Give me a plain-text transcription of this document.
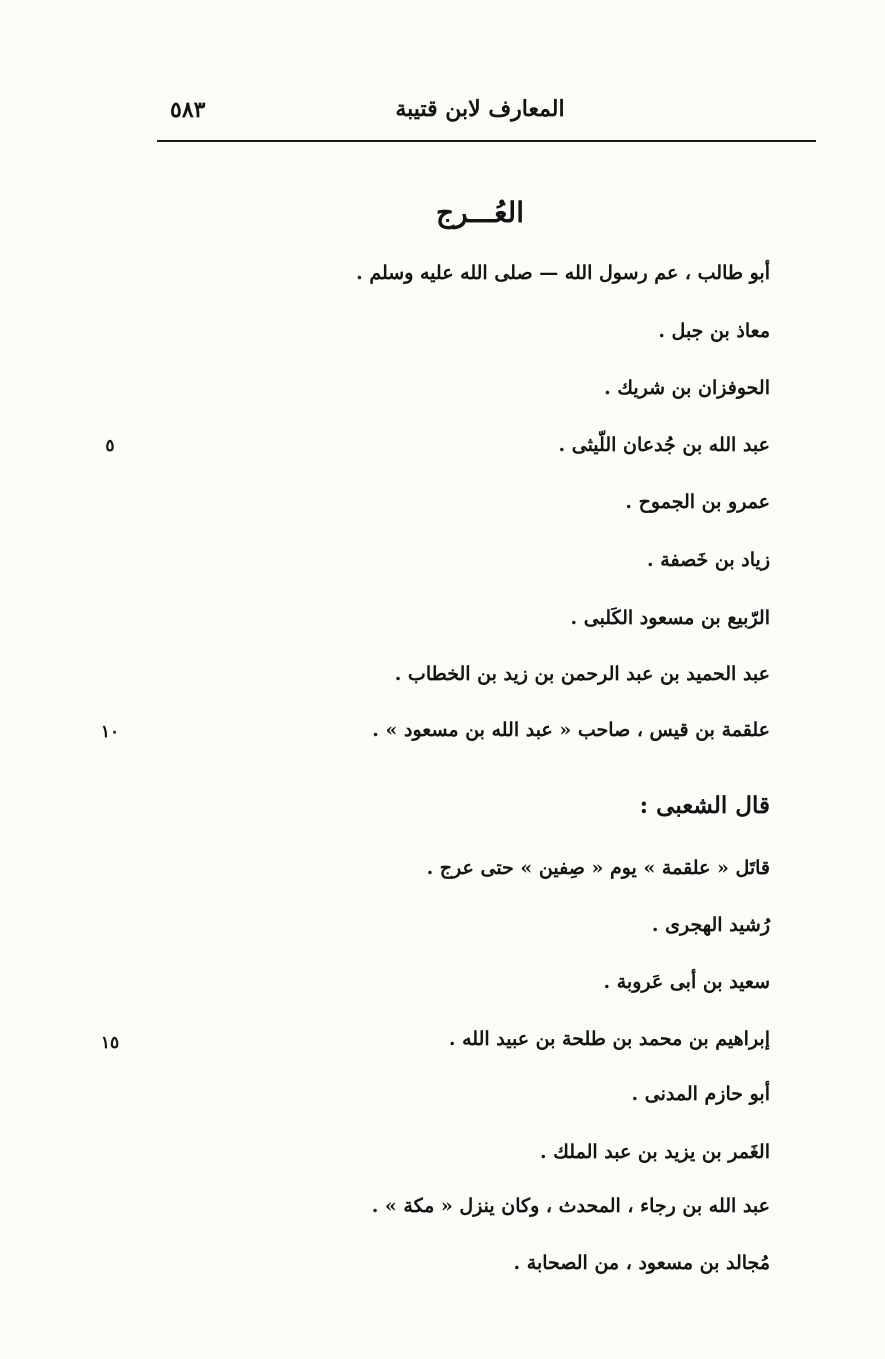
المعارف لابن قتيبة
٥٨٣
العُـــرج
أبو طالب ، عم رسول الله — صلى الله عليه وسلم .
معاذ بن جبل .
الحوفزان بن شريك .
عبد الله بن جُدعان اللّيثى .
عمرو بن الجموح .
زياد بن خَصفة .
الرّبيع بن مسعود الكَلبى .
عبد الحميد بن عبد الرحمن بن زيد بن الخطاب .
علقمة بن قيس ، صاحب « عبد الله بن مسعود » .
قال الشعبى :
قاتَل « علقمة » يوم « صِفين » حتى عرج .
رُشيد الهجرى .
سعيد بن أبى عَروبة .
إبراهيم بن محمد بن طلحة بن عبيد الله .
أبو حازم المدنى .
الغَمر بن يزيد بن عبد الملك .
عبد الله بن رجاء ، المحدث ، وكان ينزل « مكة » .
مُجالد بن مسعود ، من الصحابة .
٥
١٠
١٥
